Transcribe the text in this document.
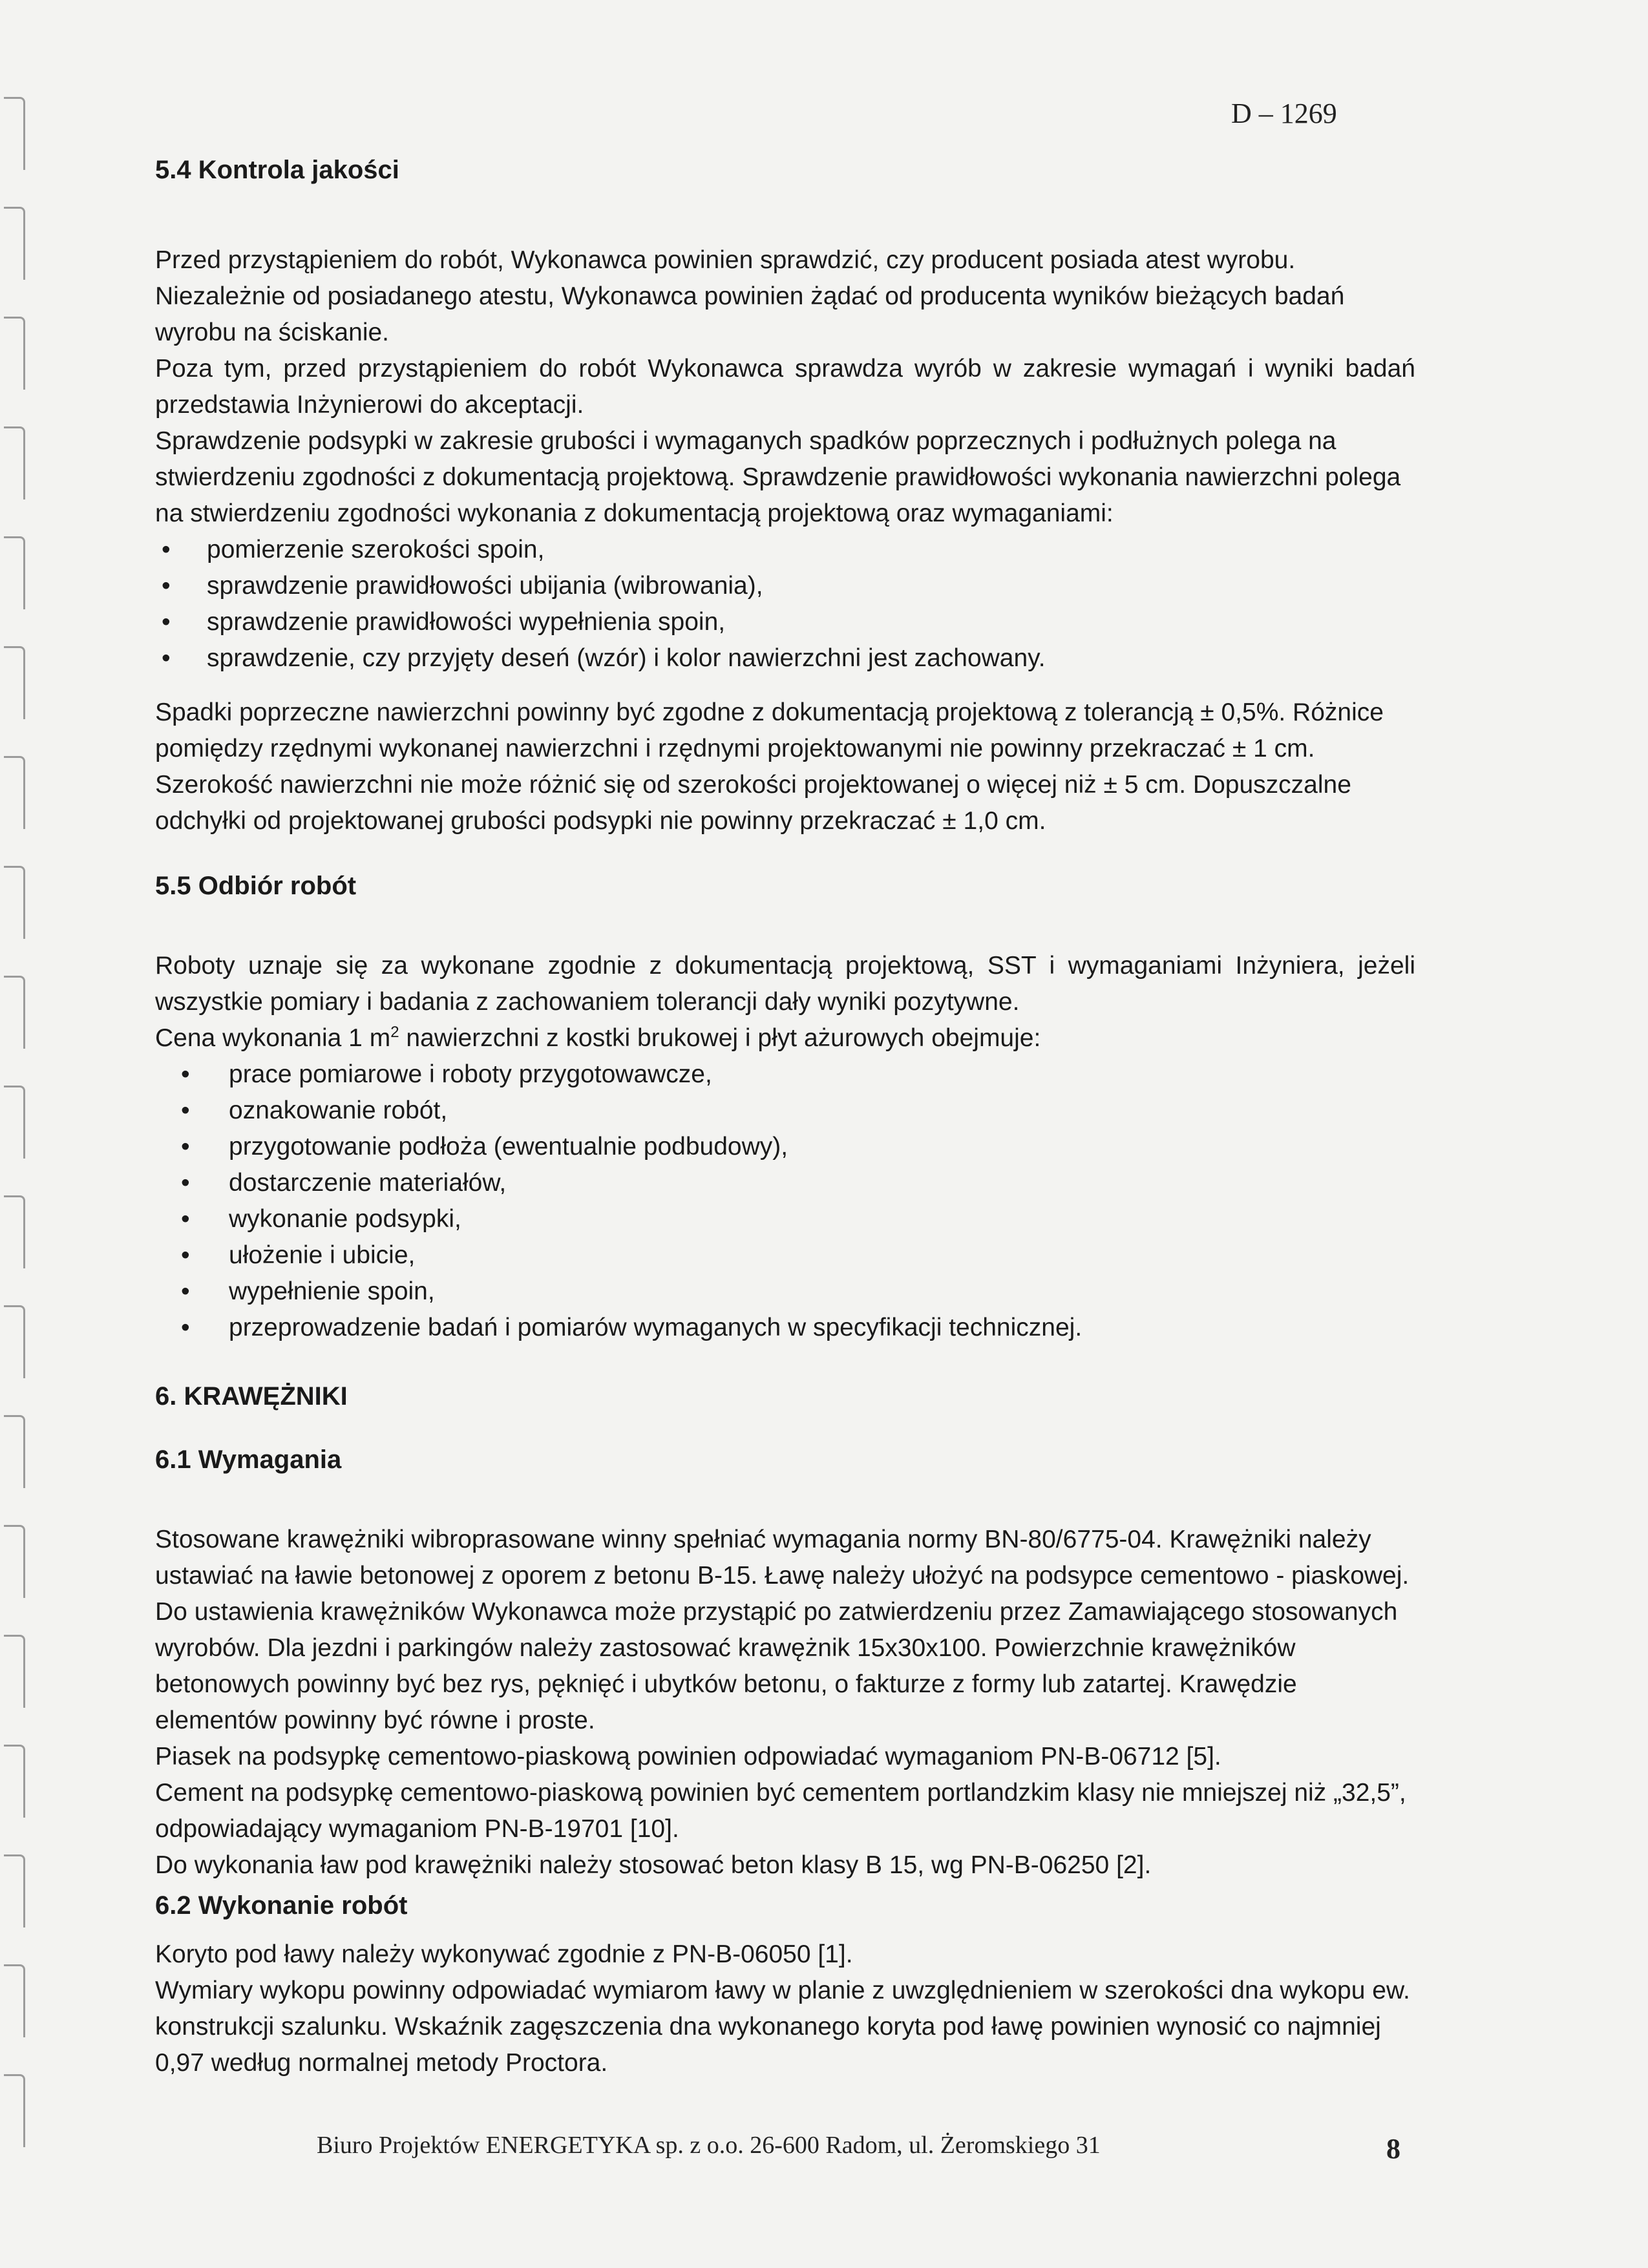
D – 1269
5.4 Kontrola jakości

Przed przystąpieniem do robót, Wykonawca powinien sprawdzić, czy producent posiada atest wyrobu. Niezależnie od posiadanego atestu, Wykonawca powinien żądać od producenta wyników bieżących badań wyrobu na ściskanie.

Poza tym, przed przystąpieniem do robót Wykonawca sprawdza wyrób w zakresie wymagań i wyniki badań przedstawia Inżynierowi do akceptacji.

Sprawdzenie podsypki w zakresie grubości i wymaganych spadków poprzecznych i podłużnych polega na stwierdzeniu zgodności z dokumentacją projektową. Sprawdzenie prawidłowości wykonania nawierzchni polega na stwierdzeniu zgodności wykonania z dokumentacją projektową oraz wymaganiami:

• pomierzenie szerokości spoin,
• sprawdzenie prawidłowości ubijania (wibrowania),
• sprawdzenie prawidłowości wypełnienia spoin,
• sprawdzenie, czy przyjęty deseń (wzór) i kolor nawierzchni jest zachowany.

Spadki poprzeczne nawierzchni powinny być zgodne z dokumentacją projektową z tolerancją ± 0,5%. Różnice pomiędzy rzędnymi wykonanej nawierzchni i rzędnymi projektowanymi nie powinny przekraczać ± 1 cm. Szerokość nawierzchni nie może różnić się od szerokości projektowanej o więcej niż ± 5 cm. Dopuszczalne odchyłki od projektowanej grubości podsypki nie powinny przekraczać ± 1,0 cm.

5.5 Odbiór robót

Roboty uznaje się za wykonane zgodnie z dokumentacją projektową, SST i wymaganiami Inżyniera, jeżeli wszystkie pomiary i badania z zachowaniem tolerancji dały wyniki pozytywne.

Cena wykonania 1 $m^2$ nawierzchni z kostki brukowej i płyt ażurowych obejmuje:

• prace pomiarowe i roboty przygotowawcze,
• oznakowanie robót,
• przygotowanie podłoża (ewentualnie podbudowy),
• dostarczenie materiałów,
• wykonanie podsypki,
• ułożenie i ubicie,
• wypełnienie spoin,
• przeprowadzenie badań i pomiarów wymaganych w specyfikacji technicznej.
6. KRAWĘŻNIKI
6.1 Wymagania

Stosowane krawężniki wibroprasowane winny spełniać wymagania normy BN-80/6775-04. Krawężniki należy ustawiać na ławie betonowej z oporem z betonu B-15. Ławę należy ułożyć na podsypce cementowo - piaskowej. Do ustawienia krawężników Wykonawca może przystąpić po zatwierdzeniu przez Zamawiającego stosowanych wyrobów. Dla jezdni i parkingów należy zastosować krawężnik 15x30x100. Powierzchnie krawężników betonowych powinny być bez rys, pęknięć i ubytków betonu, o fakturze z formy lub zatartej. Krawędzie elementów powinny być równe i proste.

Piasek na podsypkę cementowo-piaskową powinien odpowiadać wymaganiom PN-B-06712 [5].

Cement na podsypkę cementowo-piaskową powinien być cementem portlandzkim klasy nie mniejszej niż „32,5”, odpowiadający wymaganiom PN-B-19701 [10].

Do wykonania ław pod krawężniki należy stosować beton klasy B 15, wg PN-B-06250 [2].

6.2 Wykonanie robót

Koryto pod ławy należy wykonywać zgodnie z PN-B-06050 [1].

Wymiary wykopu powinny odpowiadać wymiarom ławy w planie z uwzględnieniem w szerokości dna wykopu ew. konstrukcji szalunku. Wskaźnik zagęszczenia dna wykonanego koryta pod ławę powinien wynosić co najmniej 0,97 według normalnej metody Proctora.

Biuro Projektów ENERGETYKA sp. z o.o. 26-600 Radom, ul. Żeromskiego 31	8
